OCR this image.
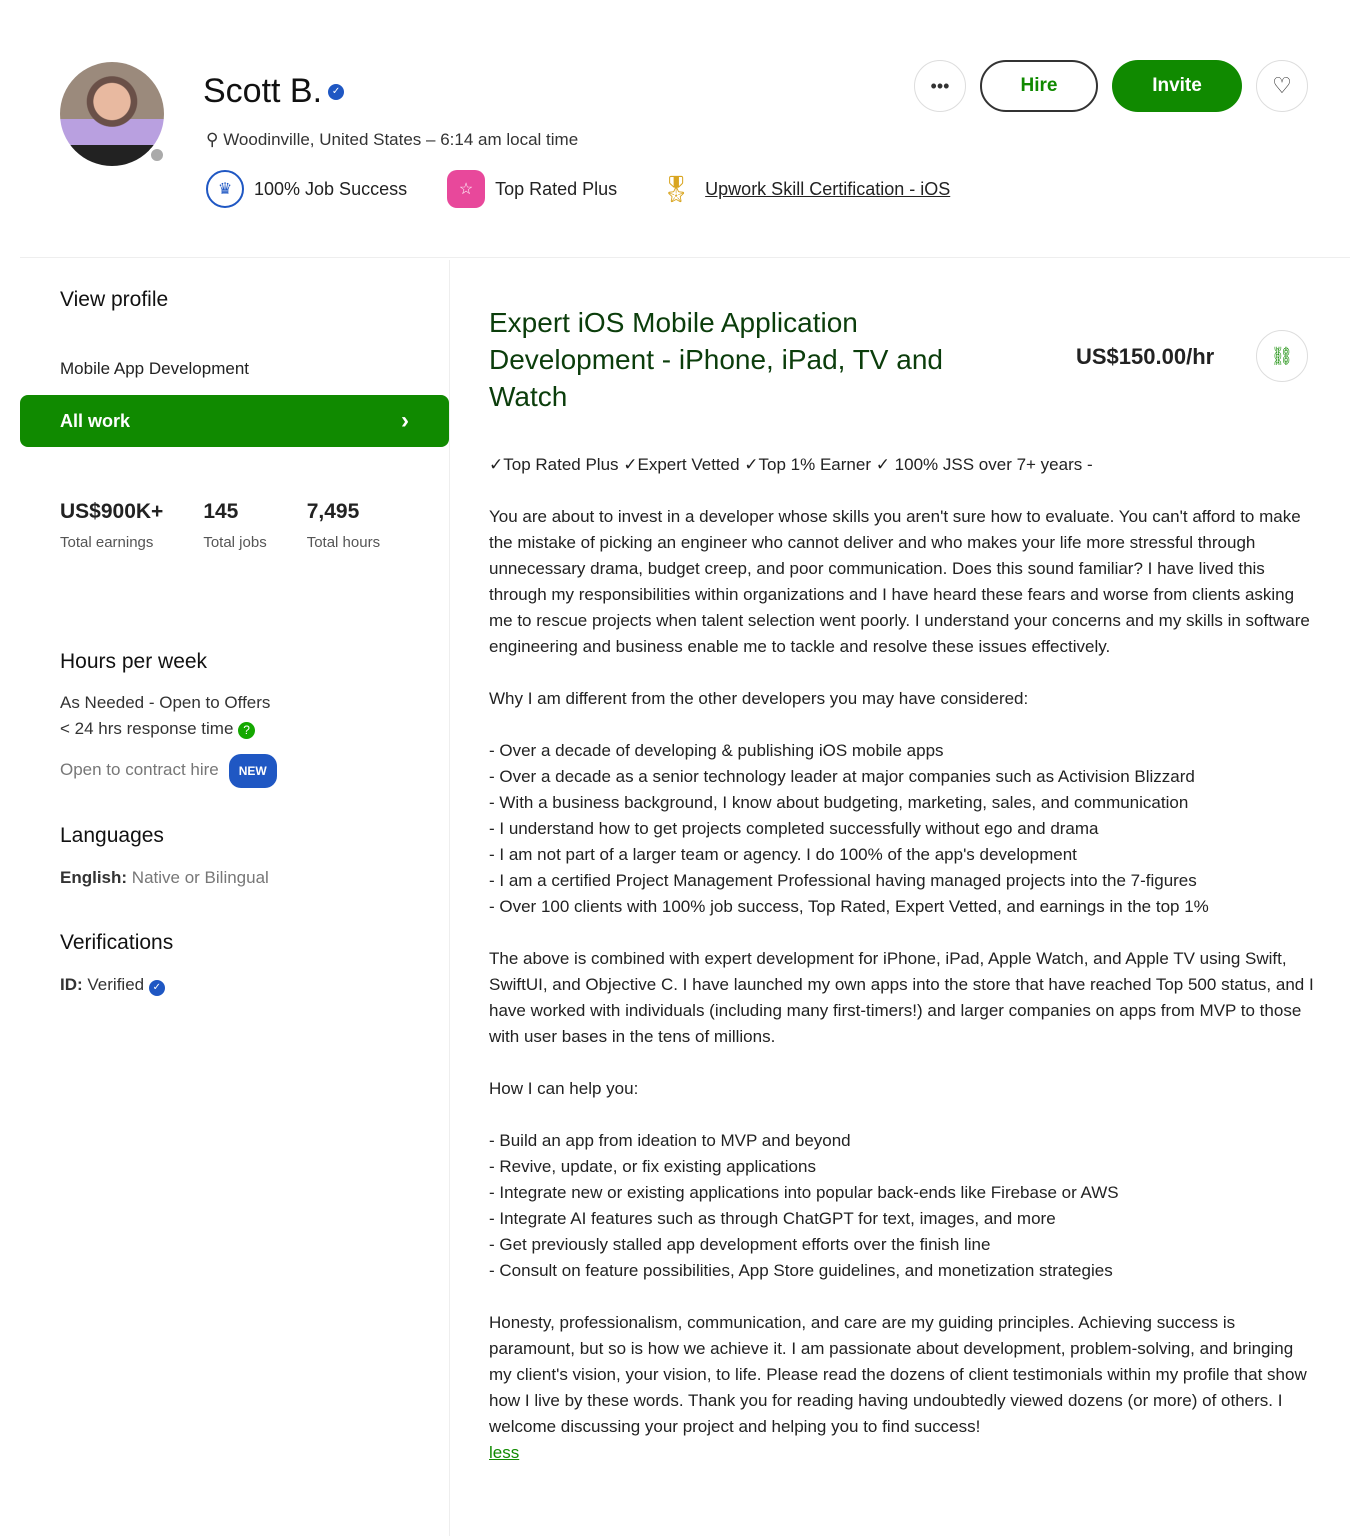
Scott B. ✓
⚲ Woodinville, United States – 6:14 am local time
♛	100% Job Success	☆	Top Rated Plus 🎖 Upwork Skill Certification - iOS
•••	Hire	Invite	♡
View profile
Mobile App Development
All work	›
US$900K+
Total earnings
145
Total jobs
7,495
Total hours
Hours per week
As Needed - Open to Offers
< 24 hrs response time ?
Open to contract hire NEW
Languages
English: Native or Bilingual
Verifications
ID: Verified ✓
Expert iOS Mobile Application Development - iPhone, iPad, TV and Watch
US$150.00/hr	⛓

✓Top Rated Plus ✓Expert Vetted ✓Top 1% Earner ✓ 100% JSS over 7+ years -

You are about to invest in a developer whose skills you aren't sure how to evaluate. You can't afford to make the mistake of picking an engineer who cannot deliver and who makes your life more stressful through unnecessary drama, budget creep, and poor communication. Does this sound familiar? I have lived this through my responsibilities within organizations and I have heard these fears and worse from clients asking me to rescue projects when talent selection went poorly. I understand your concerns and my skills in software engineering and business enable me to tackle and resolve these issues effectively.

Why I am different from the other developers you may have considered:

- Over a decade of developing & publishing iOS mobile apps
- Over a decade as a senior technology leader at major companies such as Activision Blizzard
- With a business background, I know about budgeting, marketing, sales, and communication
- I understand how to get projects completed successfully without ego and drama
- I am not part of a larger team or agency. I do 100% of the app's development
- I am a certified Project Management Professional having managed projects into the 7-figures
- Over 100 clients with 100% job success, Top Rated, Expert Vetted, and earnings in the top 1%

The above is combined with expert development for iPhone, iPad, Apple Watch, and Apple TV using Swift, SwiftUI, and Objective C. I have launched my own apps into the store that have reached Top 500 status, and I have worked with individuals (including many first-timers!) and larger companies on apps from MVP to those with user bases in the tens of millions.

How I can help you:

- Build an app from ideation to MVP and beyond
- Revive, update, or fix existing applications
- Integrate new or existing applications into popular back-ends like Firebase or AWS
- Integrate AI features such as through ChatGPT for text, images, and more
- Get previously stalled app development efforts over the finish line
- Consult on feature possibilities, App Store guidelines, and monetization strategies

Honesty, professionalism, communication, and care are my guiding principles. Achieving success is paramount, but so is how we achieve it. I am passionate about development, problem-solving, and bringing my client's vision, your vision, to life. Please read the dozens of client testimonials within my profile that show how I live by these words. Thank you for reading having undoubtedly viewed dozens (or more) of others. I welcome discussing your project and helping you to find success!

less
